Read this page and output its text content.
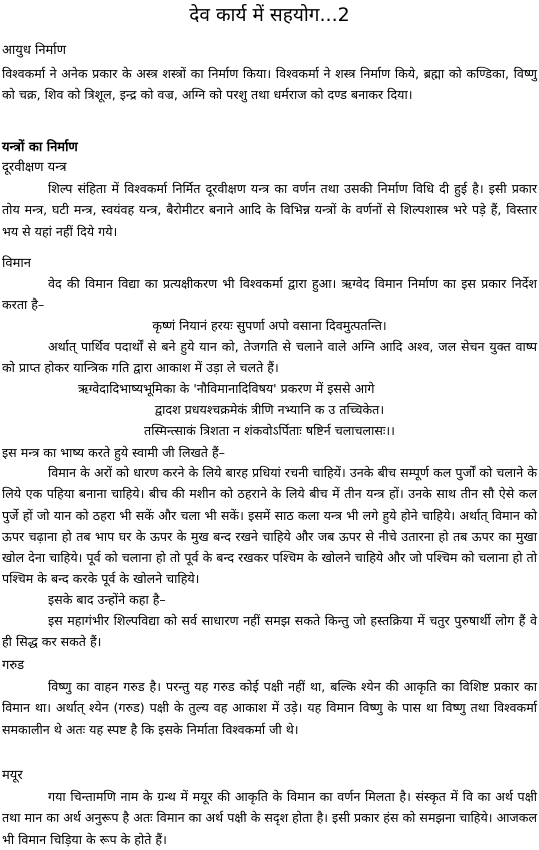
देव कार्य में सहयोग...2
आयुध निर्माण
विश्वकर्मा ने अनेक प्रकार के अस्त्र शस्त्रों का निर्माण किया। विश्वकर्मा ने शस्त्र निर्माण किये, ब्रह्मा को कण्डिका, विष्णु को चक्र, शिव को त्रिशूल, इन्द्र को वज्र, अग्नि को परशु तथा धर्मराज को दण्ड बनाकर दिया।
यन्त्रों का निर्माण
दूरवीक्षण यन्त्र
शिल्प संहिता में विश्वकर्मा निर्मित दूरवीक्षण यन्त्र का वर्णन तथा उसकी निर्माण विधि दी हुई है। इसी प्रकार तोय मन्त्र, घटी मन्त्र, स्वयंवह यन्त्र, बैरोमीटर बनाने आदि के विभिन्न यन्त्रों के वर्णनों से शिल्पशास्त्र भरे पड़े हैं, विस्तार भय से यहां नहीं दिये गये।
विमान
वेद की विमान विद्या का प्रत्यक्षीकरण भी विश्वकर्मा द्वारा हुआ। ऋग्वेद विमान निर्माण का इस प्रकार निर्देश करता है–
कृष्णं नियानं हरयः सुपर्णा अपो वसाना दिवमुत्पतन्ति।
अर्थात् पार्थिव पदार्थों से बने हुये यान को, तेजगति से चलाने वाले अग्नि आदि अश्व, जल सेचन युक्त वाष्प को प्राप्त होकर यान्त्रिक गति द्वारा आकाश में उड़ा ले चलते हैं।
ऋग्वेदादिभाष्यभूमिका के 'नौविमानादिविषय' प्रकरण में इससे आगे
द्वादश प्रधयश्चक्रमेकं त्रीणि नभ्यानि क उ तच्चिकेत।
तस्मिन्त्साकं त्रिशता न शंकवोऽर्पिताः षष्टिर्न चलाचलासः।।
इस मन्त्र का भाष्य करते हुये स्वामी जी लिखते हैं–
विमान के अरों को धारण करने के लिये बारह प्रधियां रचनी चाहियें। उनके बीच सम्पूर्ण कल पुर्जों को चलाने के लिये एक पहिया बनाना चाहिये। बीच की मशीन को ठहराने के लिये बीच में तीन यन्त्र हों। उनके साथ तीन सौ ऐसे कल पुर्जे हों जो यान को ठहरा भी सकें और चला भी सकें। इसमें साठ कला यन्त्र भी लगे हुये होने चाहिये। अर्थात् विमान को ऊपर चढ़ाना हो तब भाप घर के ऊपर के मुख बन्द रखने चाहिये और जब ऊपर से नीचे उतारना हो तब ऊपर का मुखा खोल देना चाहिये। पूर्व को चलाना हो तो पूर्व के बन्द रखकर पश्चिम के खोलने चाहिये और जो पश्चिम को चलाना हो तो पश्चिम के बन्द करके पूर्व के खोलने चाहिये।
इसके बाद उन्होंने कहा है–
इस महागंभीर शिल्पविद्या को सर्व साधारण नहीं समझ सकते किन्तु जो हस्तक्रिया में चतुर पुरुषार्थी लोग हैं वे ही सिद्ध कर सकते हैं।
गरुड
विष्णु का वाहन गरुड है। परन्तु यह गरुड कोई पक्षी नहीं था, बल्कि श्येन की आकृति का विशिष्ट प्रकार का विमान था। अर्थात् श्येन (गरुड) पक्षी के तुल्य वह आकाश में उड़े। यह विमान विष्णु के पास था विष्णु तथा विश्वकर्मा समकालीन थे अतः यह स्पष्ट है कि इसके निर्माता विश्वकर्मा जी थे।
मयूर
गया चिन्तामणि नाम के ग्रन्थ में मयूर की आकृति के विमान का वर्णन मिलता है। संस्कृत में वि का अर्थ पक्षी तथा मान का अर्थ अनुरूप है अतः विमान का अर्थ पक्षी के सदृश होता है। इसी प्रकार हंस को समझना चाहिये। आजकल भी विमान चिड़िया के रूप के होते हैं।
